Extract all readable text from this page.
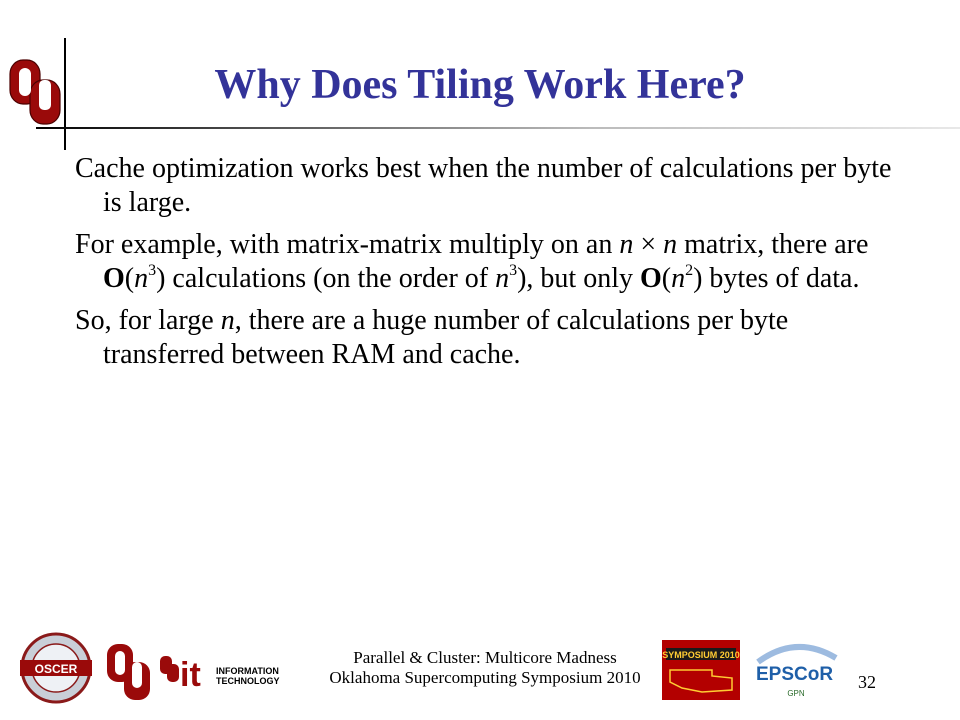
Why Does Tiling Work Here?

Cache optimization works best when the number of calculations per byte is large.

For example, with matrix-matrix multiply on an n × n matrix, there are $O(n^3)$ calculations (on the order of $n^3$), but only $O(n^2)$ bytes of data.

So, for large n, there are a huge number of calculations per byte transferred between RAM and cache.

OSCER	it INFORMATION
TECHNOLOGY
Parallel & Cluster: Multicore Madness
Oklahoma Supercomputing Symposium 2010
SYMPOSIUM 2010
EPSCoR
GPN
32
